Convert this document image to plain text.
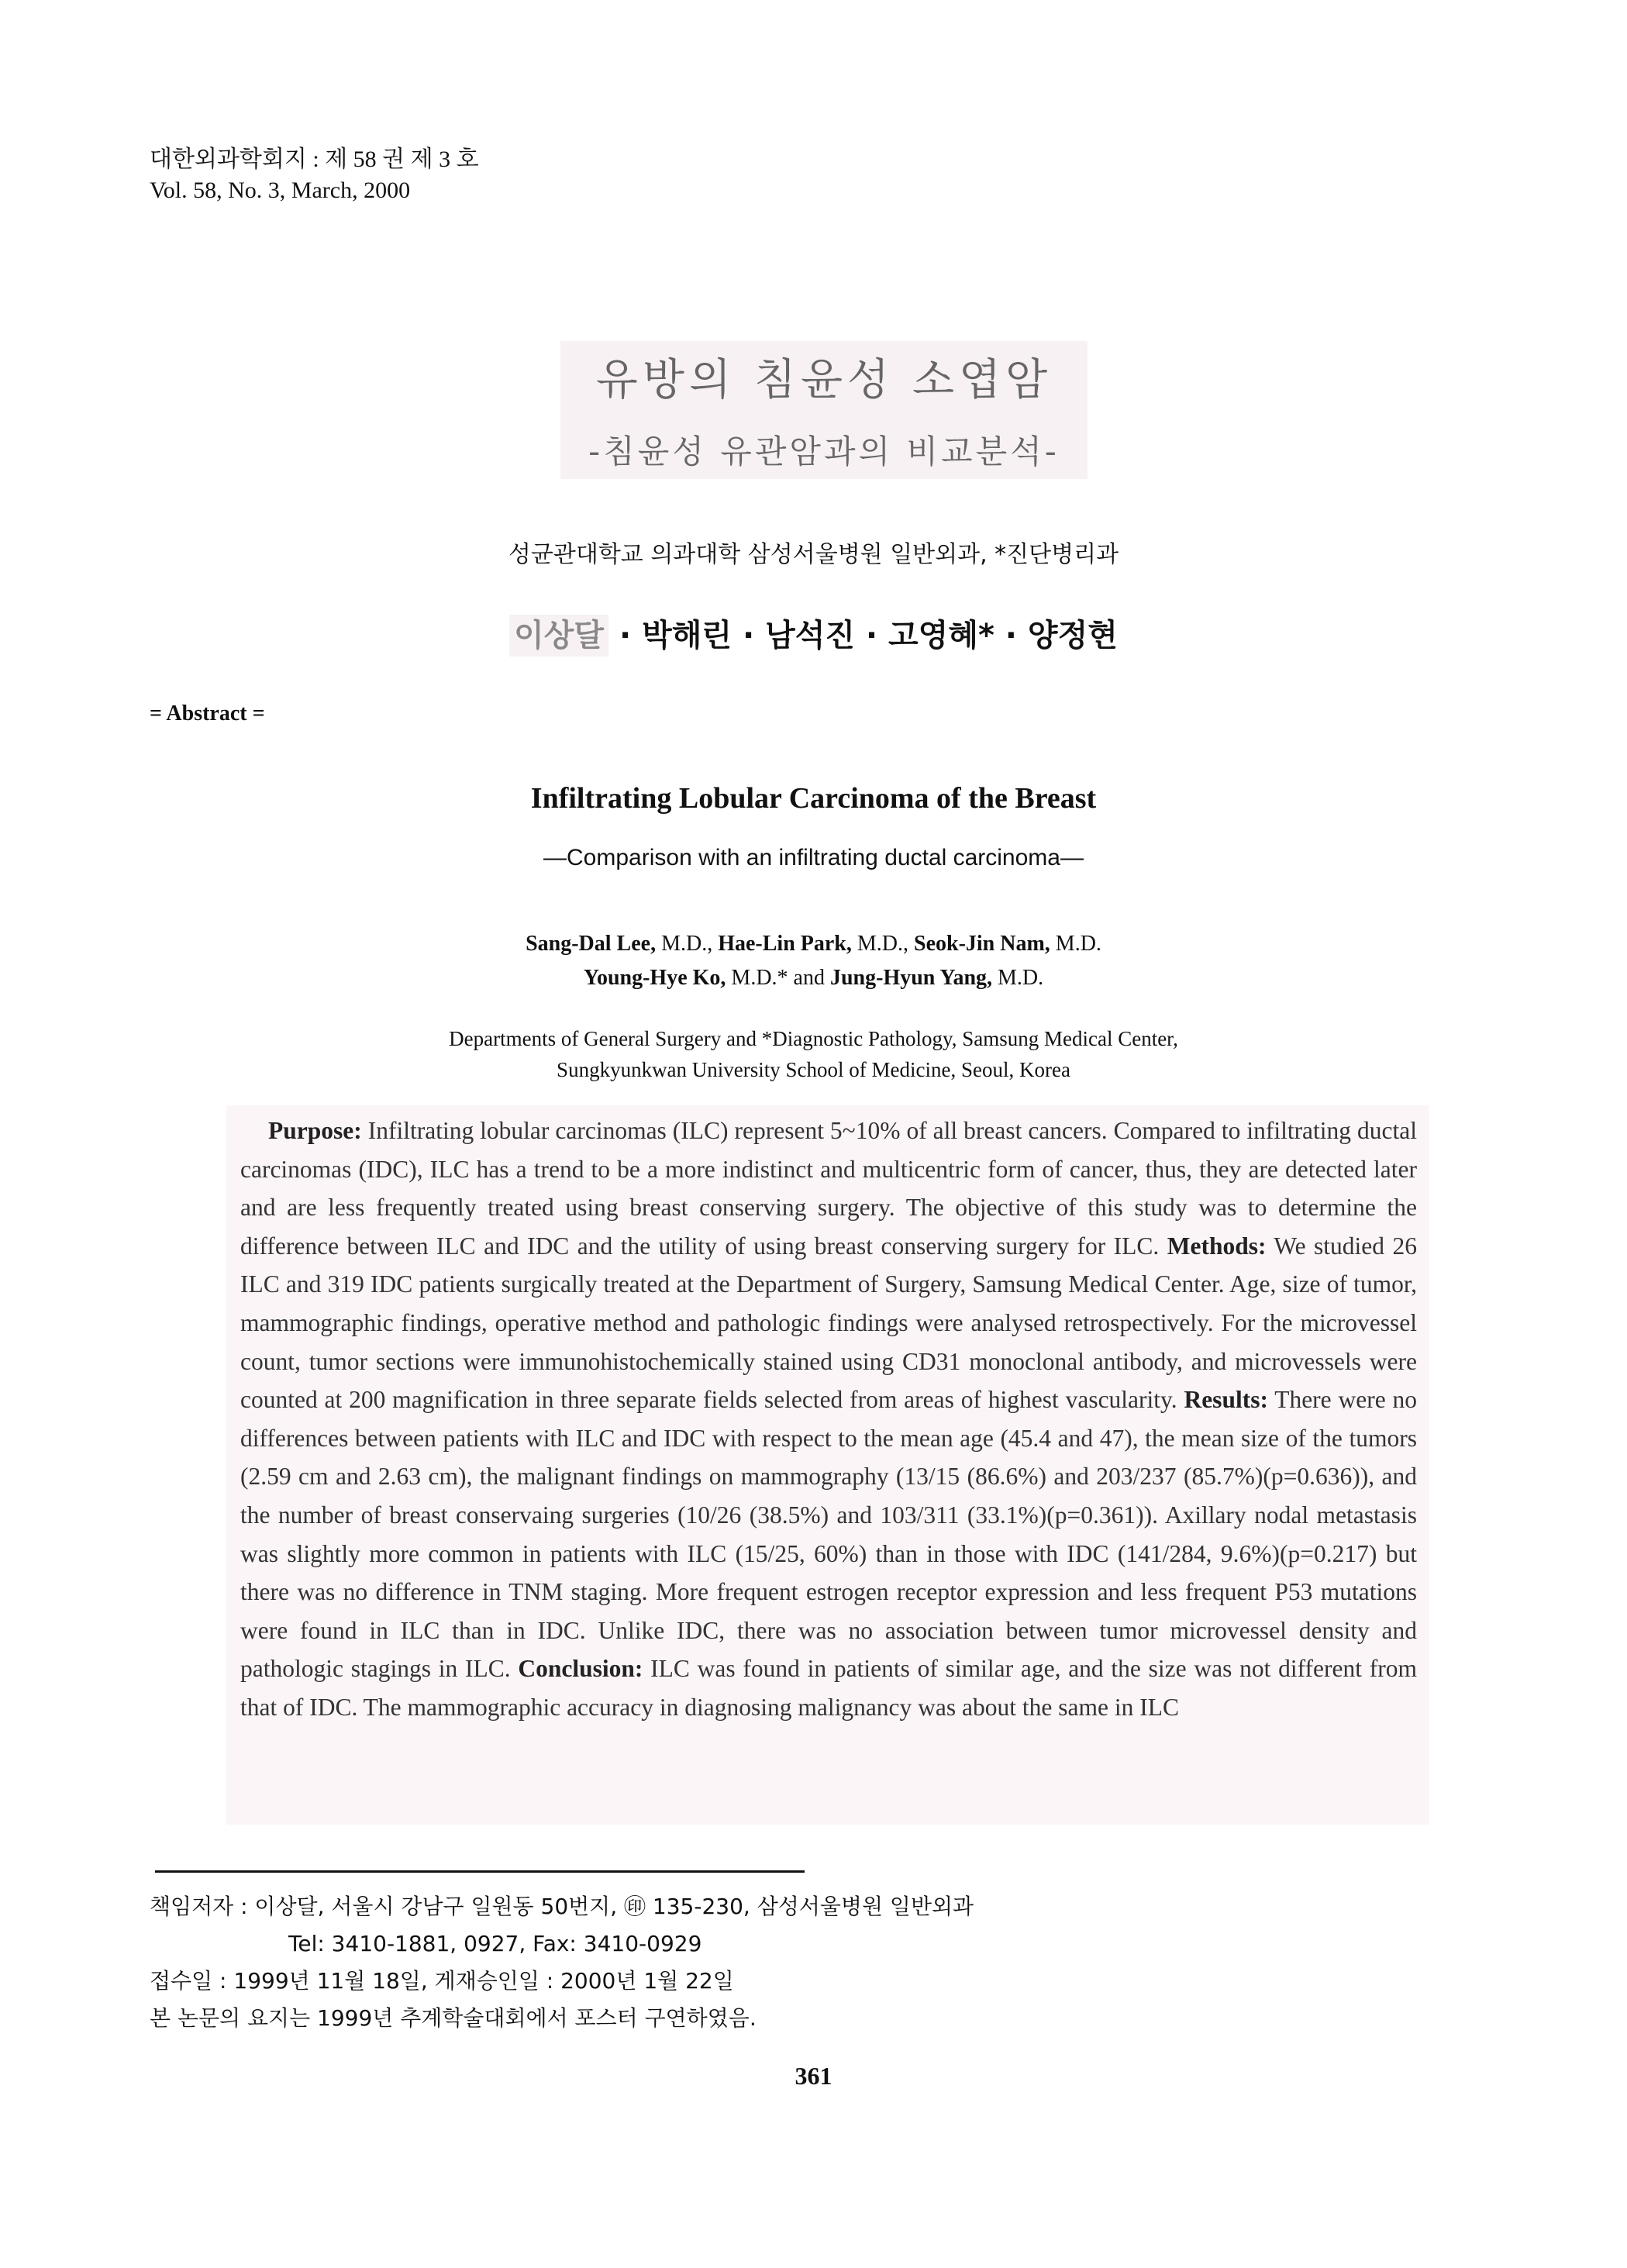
대한외과학회지 : 제 58 권 제 3 호
Vol. 58, No. 3, March, 2000
유방의 침윤성 소엽암
-침윤성 유관암과의 비교분석-
성균관대학교 의과대학 삼성서울병원 일반외과, *진단병리과
이상달 · 박해린 · 남석진 · 고영혜* · 양정현
= Abstract =
Infiltrating Lobular Carcinoma of the Breast
—Comparison with an infiltrating ductal carcinoma—
Sang-Dal Lee, M.D., Hae-Lin Park, M.D., Seok-Jin Nam, M.D.
Young-Hye Ko, M.D.* and Jung-Hyun Yang, M.D.
Departments of General Surgery and *Diagnostic Pathology, Samsung Medical Center,
Sungkyunkwan University School of Medicine, Seoul, Korea
Purpose: Infiltrating lobular carcinomas (ILC) represent 5~10% of all breast cancers. Compared to infiltrating ductal carcinomas (IDC), ILC has a trend to be a more indistinct and multicentric form of cancer, thus, they are detected later and are less frequently treated using breast conserving surgery. The objective of this study was to determine the difference between ILC and IDC and the utility of using breast conserving surgery for ILC. Methods: We studied 26 ILC and 319 IDC patients surgically treated at the Department of Surgery, Samsung Medical Center. Age, size of tumor, mammographic findings, operative method and pathologic findings were analysed retrospectively. For the microvessel count, tumor sections were immunohistochemically stained using CD31 monoclonal antibody, and microvessels were counted at 200 magnification in three separate fields selected from areas of highest vascularity. Results: There were no differences between patients with ILC and IDC with respect to the mean age (45.4 and 47), the mean size of the tumors (2.59 cm and 2.63 cm), the malignant findings on mammography (13/15 (86.6%) and 203/237 (85.7%)(p=0.636)), and the number of breast conservaing surgeries (10/26 (38.5%) and 103/311 (33.1%)(p=0.361)). Axillary nodal metastasis was slightly more common in patients with ILC (15/25, 60%) than in those with IDC (141/284, 9.6%)(p=0.217) but there was no difference in TNM staging. More frequent estrogen receptor expression and less frequent P53 mutations were found in ILC than in IDC. Unlike IDC, there was no association between tumor microvessel density and pathologic stagings in ILC. Conclusion: ILC was found in patients of similar age, and the size was not different from that of IDC. The mammographic accuracy in diagnosing malignancy was about the same in ILC
책임저자 : 이상달, 서울시 강남구 일원동 50번지, ㊞ 135-230, 삼성서울병원 일반외과
Tel: 3410-1881, 0927, Fax: 3410-0929
접수일 : 1999년 11월 18일, 게재승인일 : 2000년 1월 22일
본 논문의 요지는 1999년 추계학술대회에서 포스터 구연하였음.
361
